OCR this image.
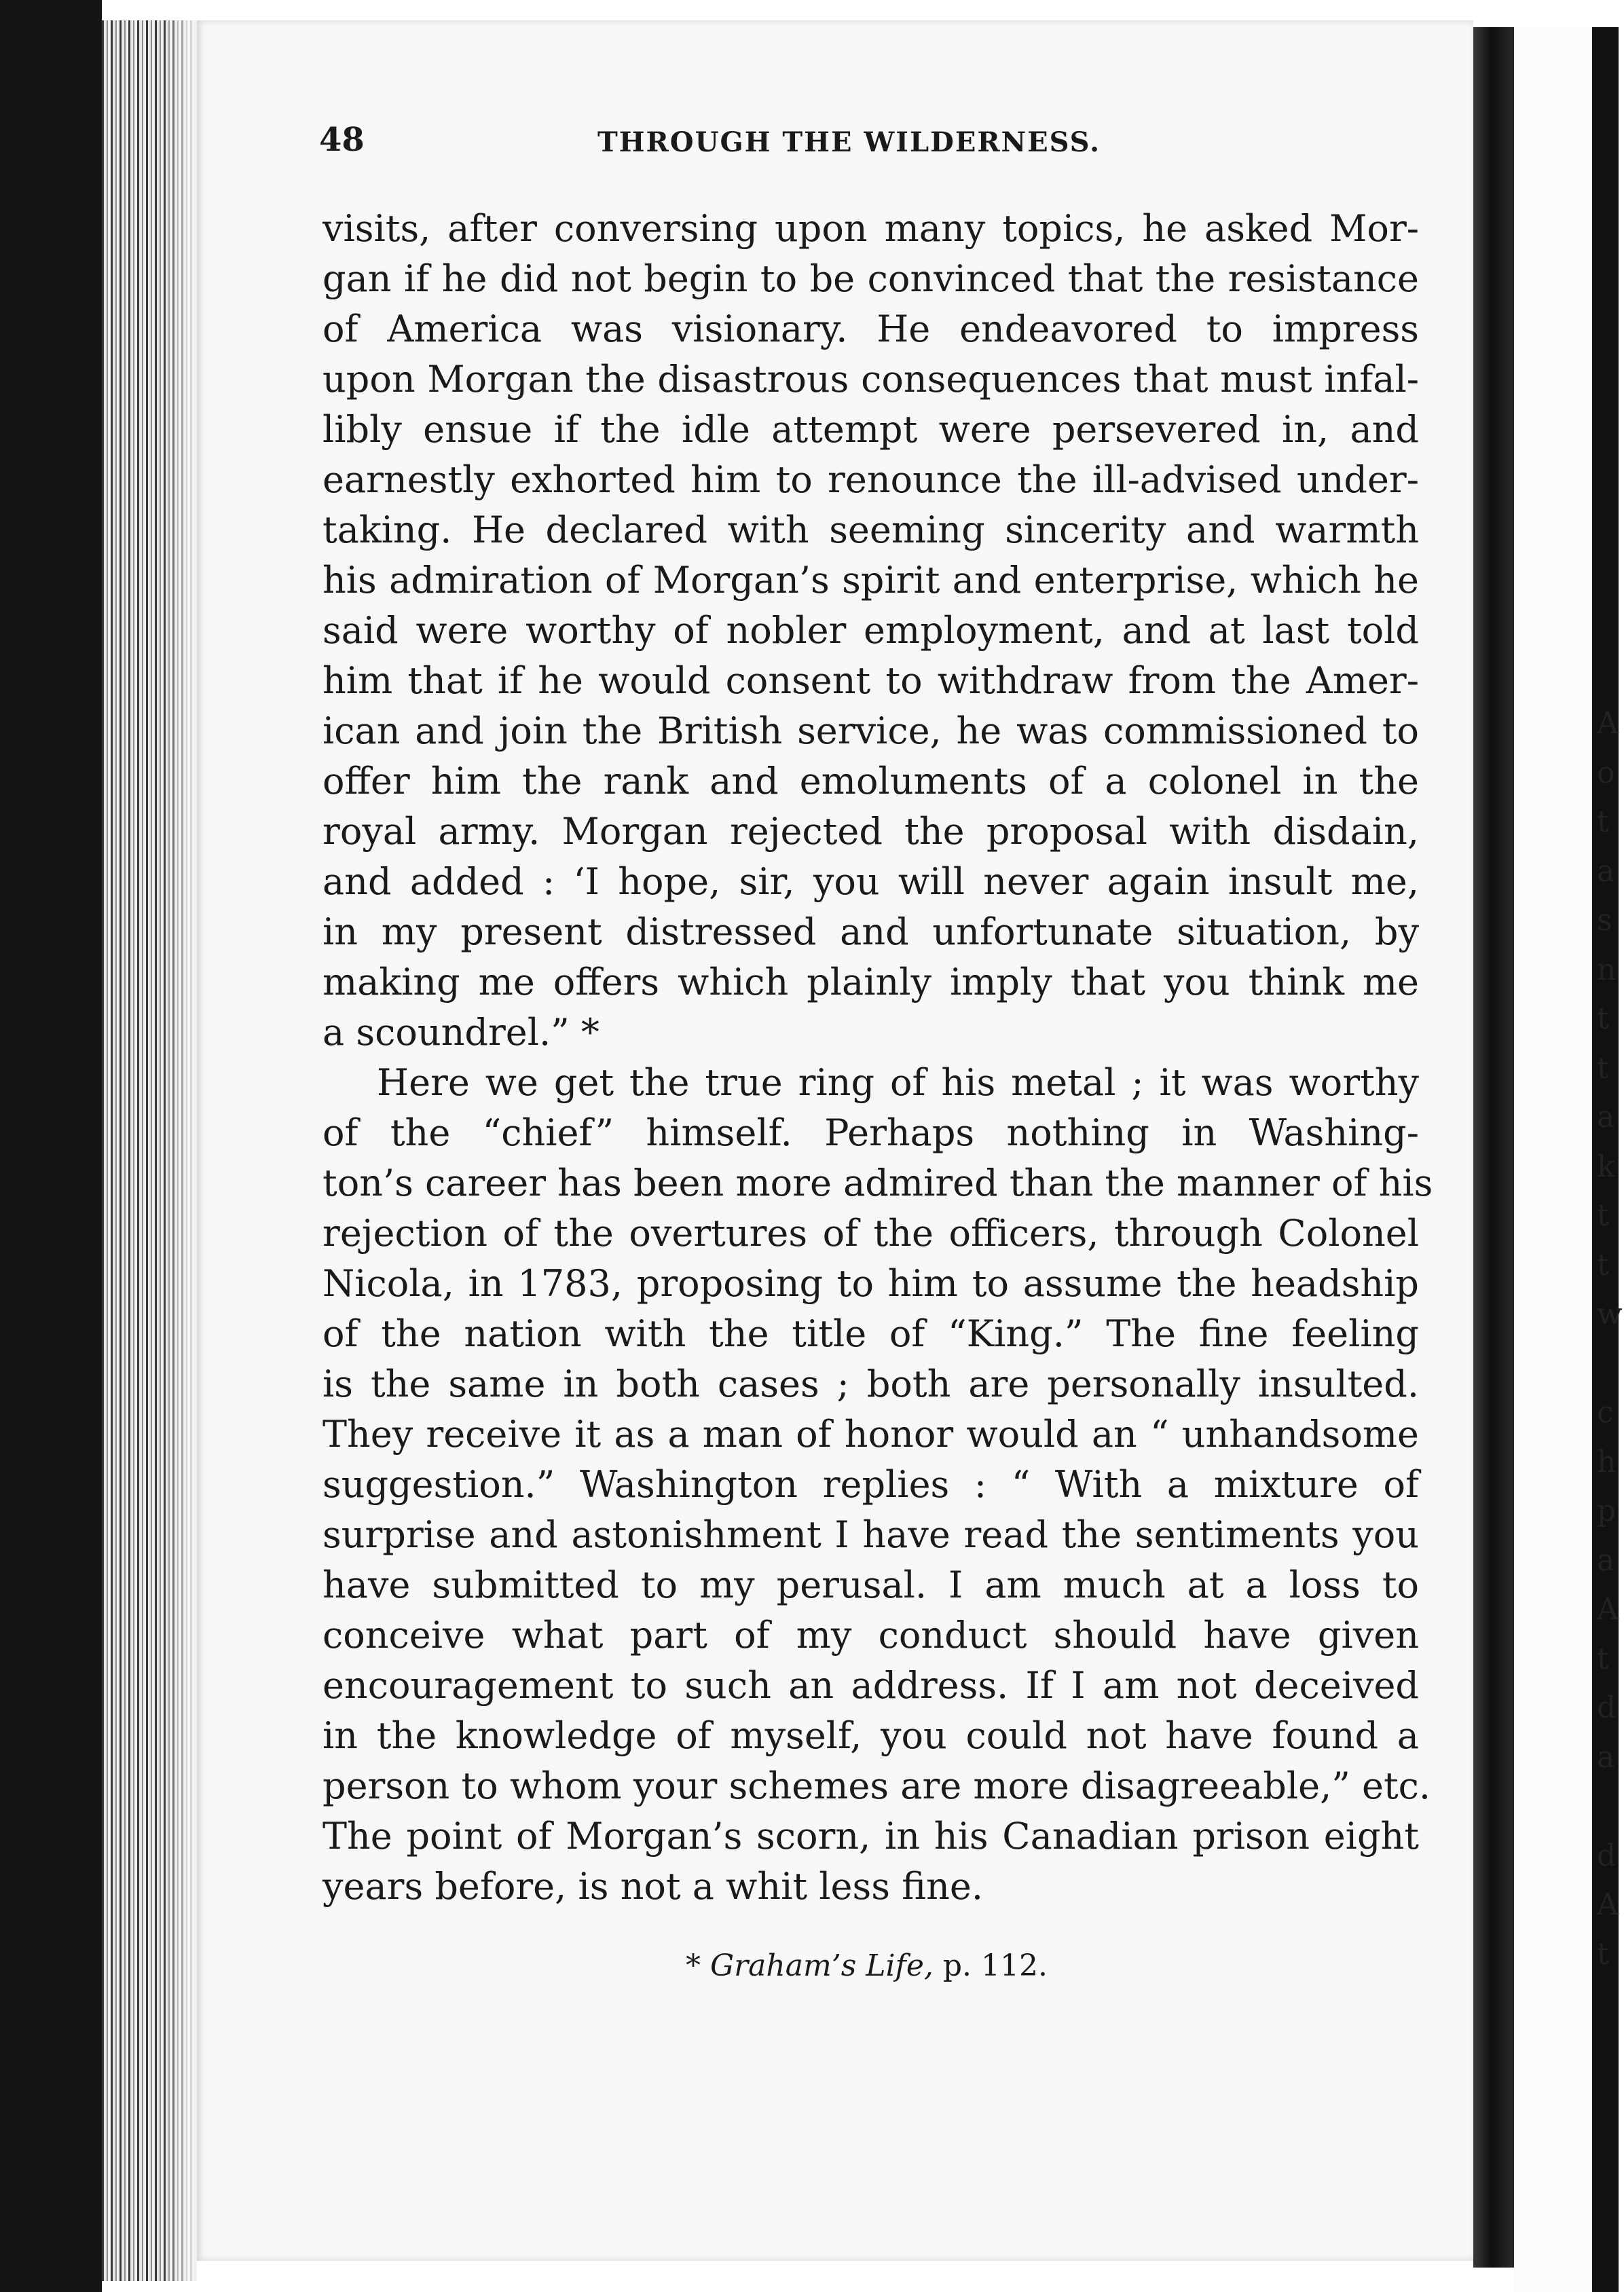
A
o
t
a
s
n
t
t
a
k
t
t
w
c
h
p
a
A
t
d
a
d
A
t
48	THROUGH THE WILDERNESS.
visits, after conversing upon many topics, he asked Mor-
gan if he did not begin to be convinced that the resistance
of America was visionary. He endeavored to impress
upon Morgan the disastrous consequences that must infal-
libly ensue if the idle attempt were persevered in, and
earnestly exhorted him to renounce the ill-advised under-
taking. He declared with seeming sincerity and warmth
his admiration of Morgan’s spirit and enterprise, which he
said were worthy of nobler employment, and at last told
him that if he would consent to withdraw from the Amer-
ican and join the British service, he was commissioned to
offer him the rank and emoluments of a colonel in the
royal army. Morgan rejected the proposal with disdain,
and added : ‘I hope, sir, you will never again insult me,
in my present distressed and unfortunate situation, by
making me offers which plainly imply that you think me
a scoundrel.” *
Here we get the true ring of his metal ; it was worthy
of the “chief” himself. Perhaps nothing in Washing-
ton’s career has been more admired than the manner of his
rejection of the overtures of the officers, through Colonel
Nicola, in 1783, proposing to him to assume the headship
of the nation with the title of “King.” The fine feeling
is the same in both cases ; both are personally insulted.
They receive it as a man of honor would an “ unhandsome
suggestion.” Washington replies : “ With a mixture of
surprise and astonishment I have read the sentiments you
have submitted to my perusal. I am much at a loss to
conceive what part of my conduct should have given
encouragement to such an address. If I am not deceived
in the knowledge of myself, you could not have found a
person to whom your schemes are more disagreeable,” etc.
The point of Morgan’s scorn, in his Canadian prison eight
years before, is not a whit less fine.
* Graham’s Life, p. 112.
